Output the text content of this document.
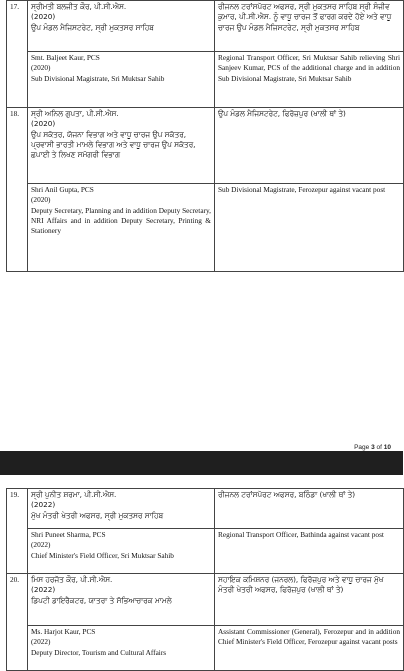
17.	ਸ੍ਰੀਮਤੀ ਬਲਜੀਤ ਕੌਰ, ਪੀ.ਸੀ.ਐਸ.
(2020)
ਉਪ ਮੰਡਲ ਮੈਜਿਸਟਰੇਟ, ਸ੍ਰੀ ਮੁਕਤਸਰ ਸਾਹਿਬ	ਰੀਜਨਲ ਟਰਾਂਸਪੋਰਟ ਅਫਸਰ, ਸ੍ਰੀ ਮੁਕਤਸਰ ਸਾਹਿਬ ਸ੍ਰੀ ਸੰਜੀਵ ਕੁਮਾਰ, ਪੀ.ਸੀ.ਐਸ. ਨੂੰ ਵਾਧੂ ਚਾਰਜ ਤੋਂ ਫਾਰਗ ਕਰਦੇ ਹੋਏ ਅਤੇ ਵਾਧੂ ਚਾਰਜ ਉਪ ਮੰਡਲ ਮੈਜਿਸਟਰੇਟ, ਸ੍ਰੀ ਮੁਕਤਸਰ ਸਾਹਿਬ

	Smt. Baljeet Kaur, PCS
(2020)
Sub Divisional Magistrate, Sri Muktsar Sahib	Regional Transport Officer, Sri Muktsar Sahib relieving Shri Sanjeev Kumar, PCS of the additional charge and in addition Sub Divisional Magistrate, Sri Muktsar Sahib
18.	ਸ੍ਰੀ ਅਨਿਲ ਗੁਪਤਾ, ਪੀ.ਸੀ.ਐਸ.
(2020)
ਉਪ ਸਕੱਤਰ, ਯੋਜਨਾ ਵਿਭਾਗ ਅਤੇ ਵਾਧੂ ਚਾਰਜ ਉਪ ਸਕੱਤਰ, ਪ੍ਰਵਾਸੀ ਭਾਰਤੀ ਮਾਮਲੇ ਵਿਭਾਗ ਅਤੇ ਵਾਧੂ ਚਾਰਜ ਉਪ ਸਕੱਤਰ, ਛਪਾਈ ਤੇ ਲਿਖਣ ਸਮੱਗਰੀ ਵਿਭਾਗ	ਉਪ ਮੰਡਲ ਮੈਜਿਸਟਰੇਟ, ਫਿਰੋਜ਼ਪੁਰ (ਖਾਲੀ ਥਾਂ ਤੇ)

	Shri Anil Gupta, PCS
(2020)
Deputy Secretary, Planning and in addition Deputy Secretary, NRI Affairs and in addition Deputy Secretary, Printing & Stationery	Sub Divisional Magistrate, Ferozepur against vacant post
Page 3 of 10
19.	ਸ੍ਰੀ ਪੁਨੀਤ ਸ਼ਰਮਾ, ਪੀ.ਸੀ.ਐਸ.
(2022)
ਮੁੱਖ ਮੰਤਰੀ ਖੇਤਰੀ ਅਫਸਰ, ਸ੍ਰੀ ਮੁਕਤਸਰ ਸਾਹਿਬ	ਰੀਜਨਲ ਟਰਾਂਸਪੋਰਟ ਅਫਸਰ, ਬਠਿੰਡਾ (ਖਾਲੀ ਥਾਂ ਤੇ)

	Shri Puneet Sharma, PCS
(2022)
Chief Minister's Field Officer, Sri Muktsar Sahib	Regional Transport Officer, Bathinda against vacant post
20.	ਮਿਸ ਹਰਜੋਤ ਕੌਰ, ਪੀ.ਸੀ.ਐਸ.
(2022)
ਡਿਪਟੀ ਡਾਇਰੈਕਟਰ, ਯਾਤਰਾ ਤੇ ਸੱਭਿਆਚਾਰਕ ਮਾਮਲੇ	ਸਹਾਇਕ ਕਮਿਸ਼ਨਰ (ਜਨਰਲ), ਫਿਰੋਜ਼ਪੁਰ ਅਤੇ ਵਾਧੂ ਚਾਰਜ ਮੁੱਖ ਮੰਤਰੀ ਖੇਤਰੀ ਅਫਸਰ, ਫਿਰੋਜ਼ਪੁਰ (ਖਾਲੀ ਥਾਂ ਤੇ)

	Ms. Harjot Kaur, PCS
(2022)
Deputy Director, Tourism and Cultural Affairs	Assistant Commissioner (General), Ferozepur and in addition Chief Minister's Field Officer, Ferozepur against vacant posts
